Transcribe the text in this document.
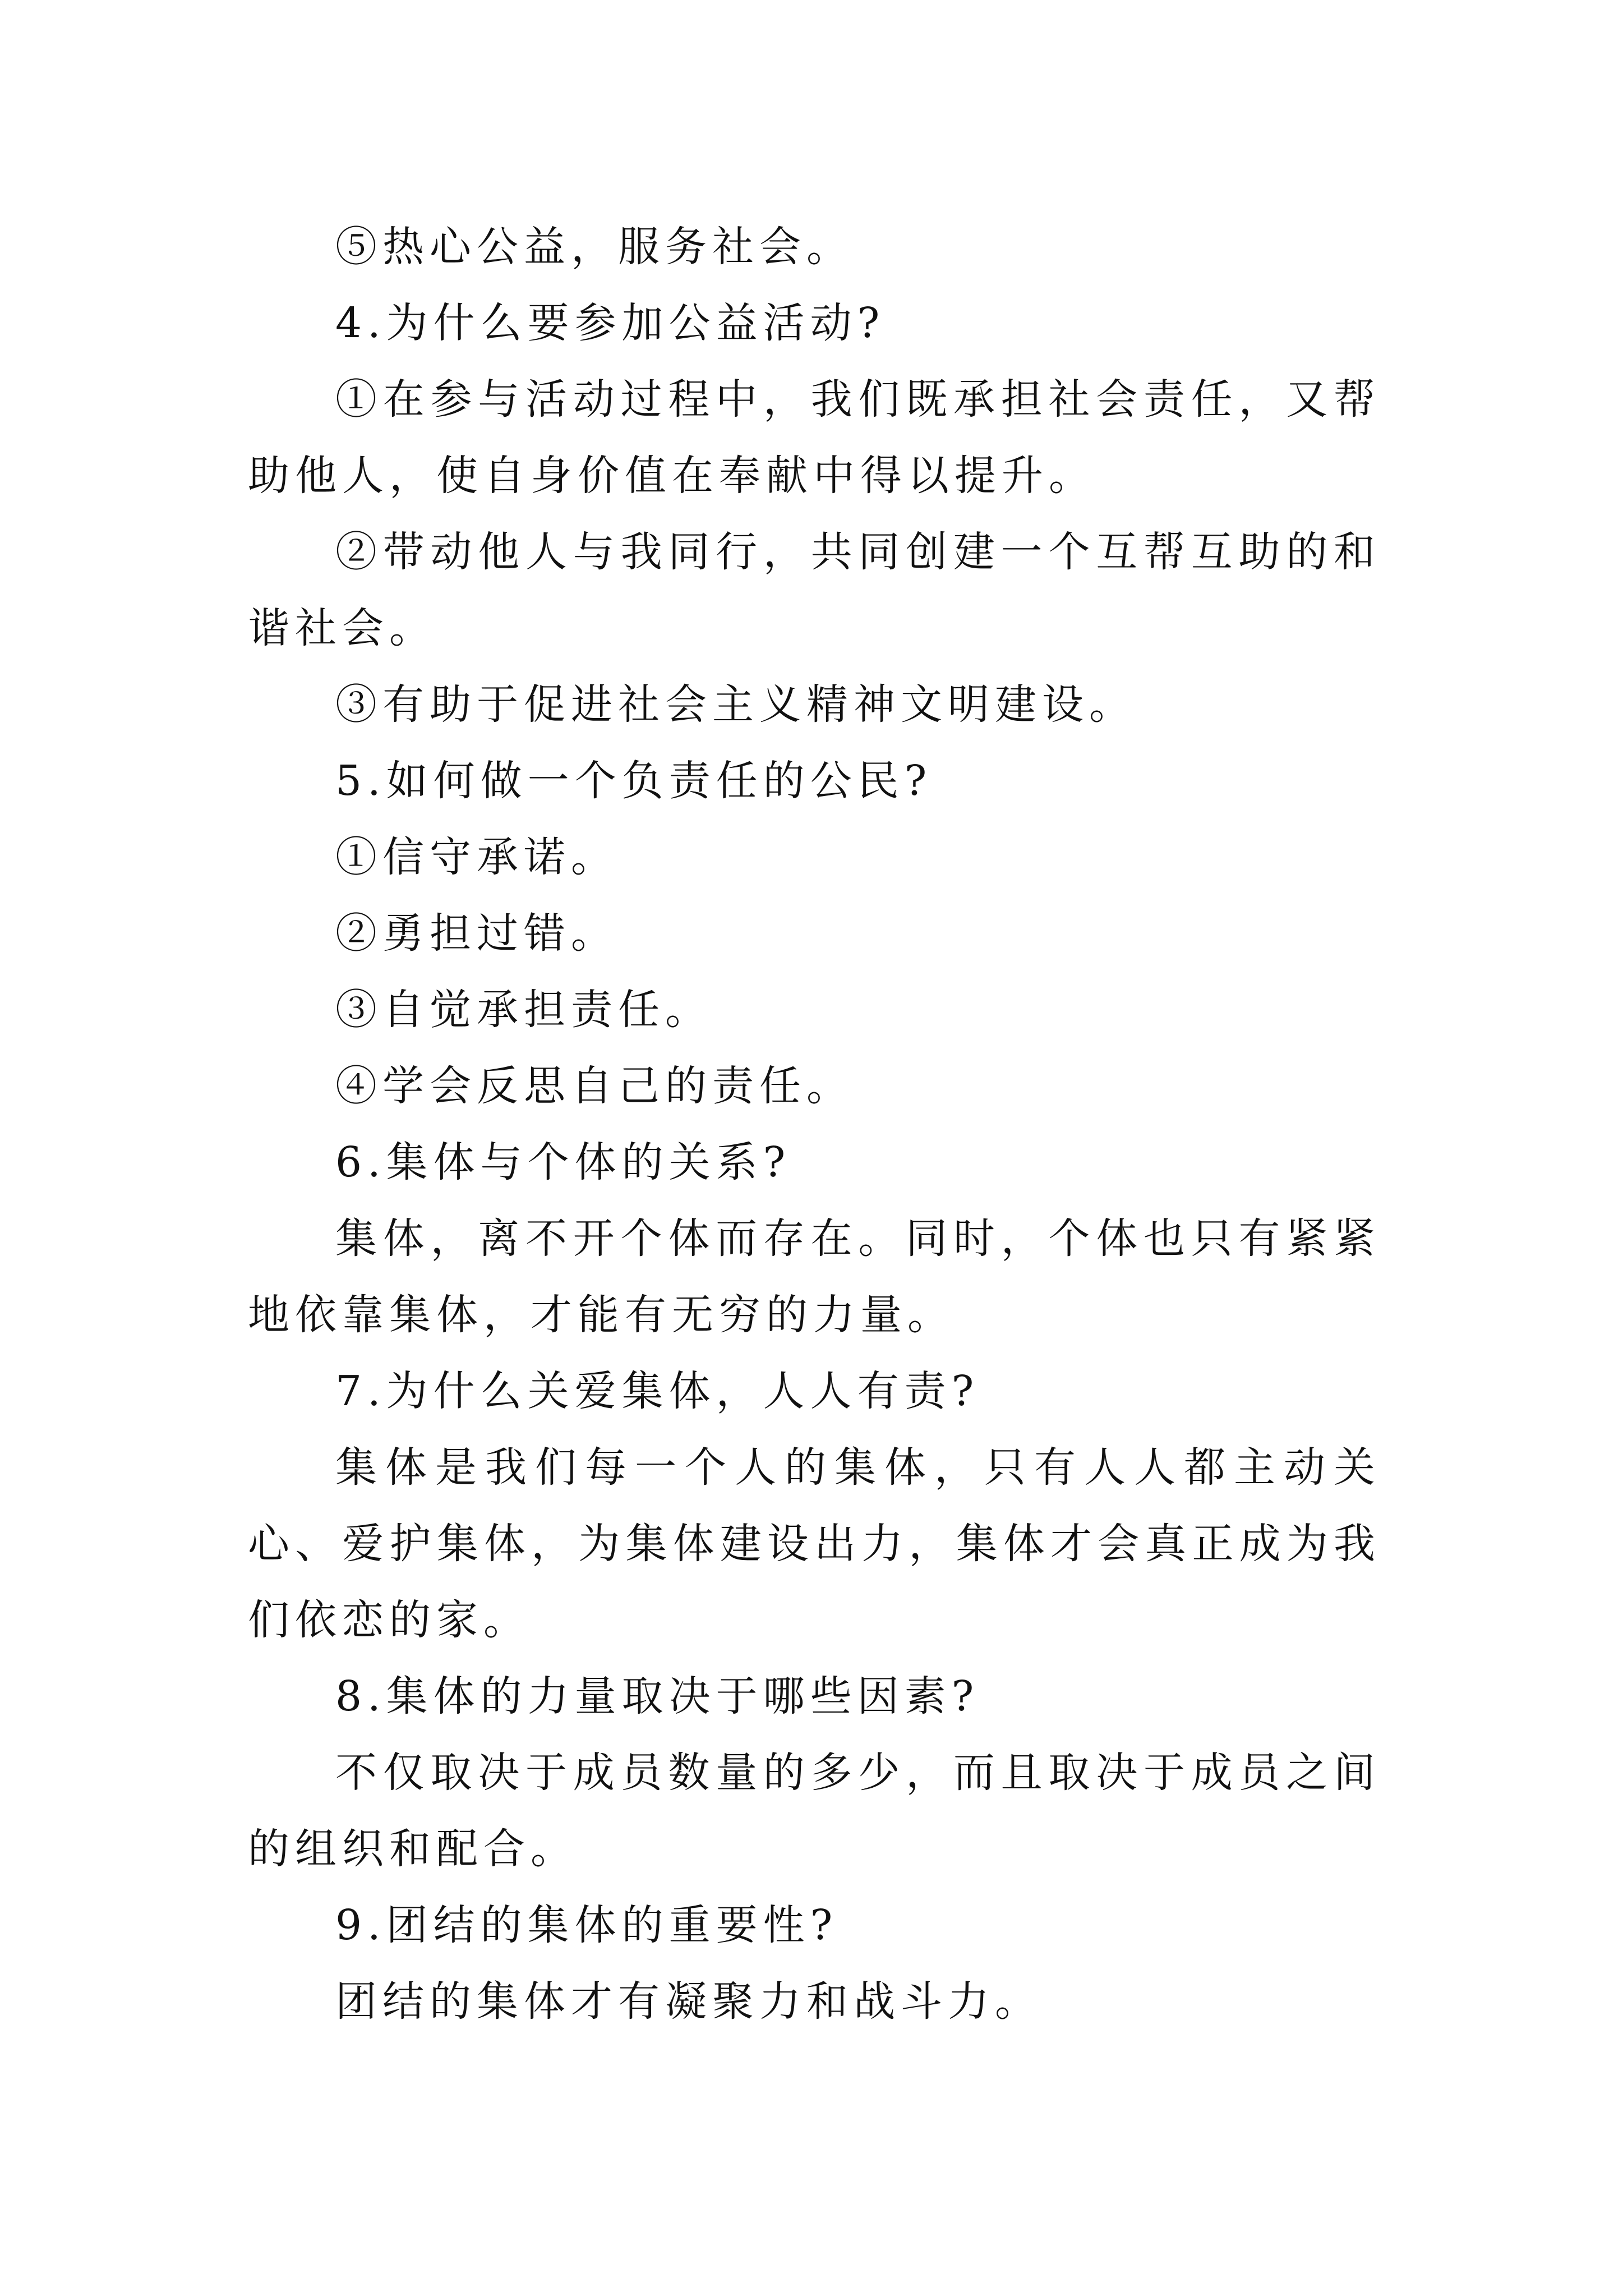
⑤热心公益，服务社会。

4.为什么要参加公益活动?

①在参与活动过程中，我们既承担社会责任，又帮助他人，使自身价值在奉献中得以提升。

②带动他人与我同行，共同创建一个互帮互助的和谐社会。

③有助于促进社会主义精神文明建设。

5.如何做一个负责任的公民?

①信守承诺。

②勇担过错。

③自觉承担责任。

④学会反思自己的责任。

6.集体与个体的关系?

集体，离不开个体而存在。同时，个体也只有紧紧地依靠集体，才能有无穷的力量。

7.为什么关爱集体，人人有责?

集体是我们每一个人的集体，只有人人都主动关心、爱护集体，为集体建设出力，集体才会真正成为我们依恋的家。

8.集体的力量取决于哪些因素?

不仅取决于成员数量的多少，而且取决于成员之间的组织和配合。

9.团结的集体的重要性?

团结的集体才有凝聚力和战斗力。
